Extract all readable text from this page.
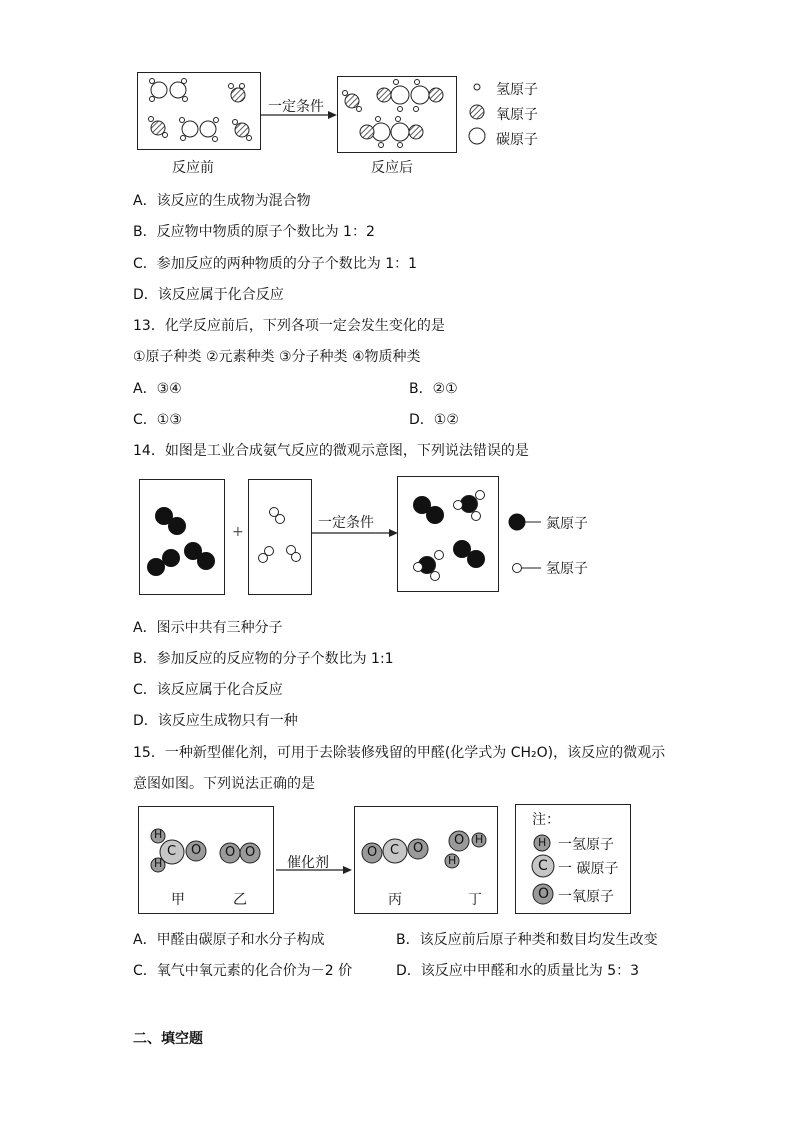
一定条件
氢原子
氧原子
碳原子
反应前	反应后
A．该反应的生成物为混合物
B．反应物中物质的原子个数比为 1：2
C．参加反应的两种物质的分子个数比为 1：1
D．该反应属于化合反应
13．化学反应前后，下列各项一定会发生变化的是
①原子种类 ②元素种类 ③分子种类 ④物质种类
A．③④	B．②①
C．①③	D．①②
14．如图是工业合成氨气反应的微观示意图，下列说法错误的是
+
一定条件	氮原子
氢原子
A．图示中共有三种分子
B．参加反应的反应物的分子个数比为 1:1
C．该反应属于化合反应
D．该反应生成物只有一种
15．一种新型催化剂，可用于去除装修残留的甲醛(化学式为 CH₂O)，该反应的微观示
意图如图。下列说法正确的是
H
H
C O O O
甲	乙
催化剂
O C O
O H
H
丙	丁
注：
H
C
O
一氢原子
一 碳原子
一氧原子
A．甲醛由碳原子和水分子构成	B．该反应前后原子种类和数目均发生改变
C．氧气中氧元素的化合价为－2 价	D．该反应中甲醛和水的质量比为 5：3
二、填空题
